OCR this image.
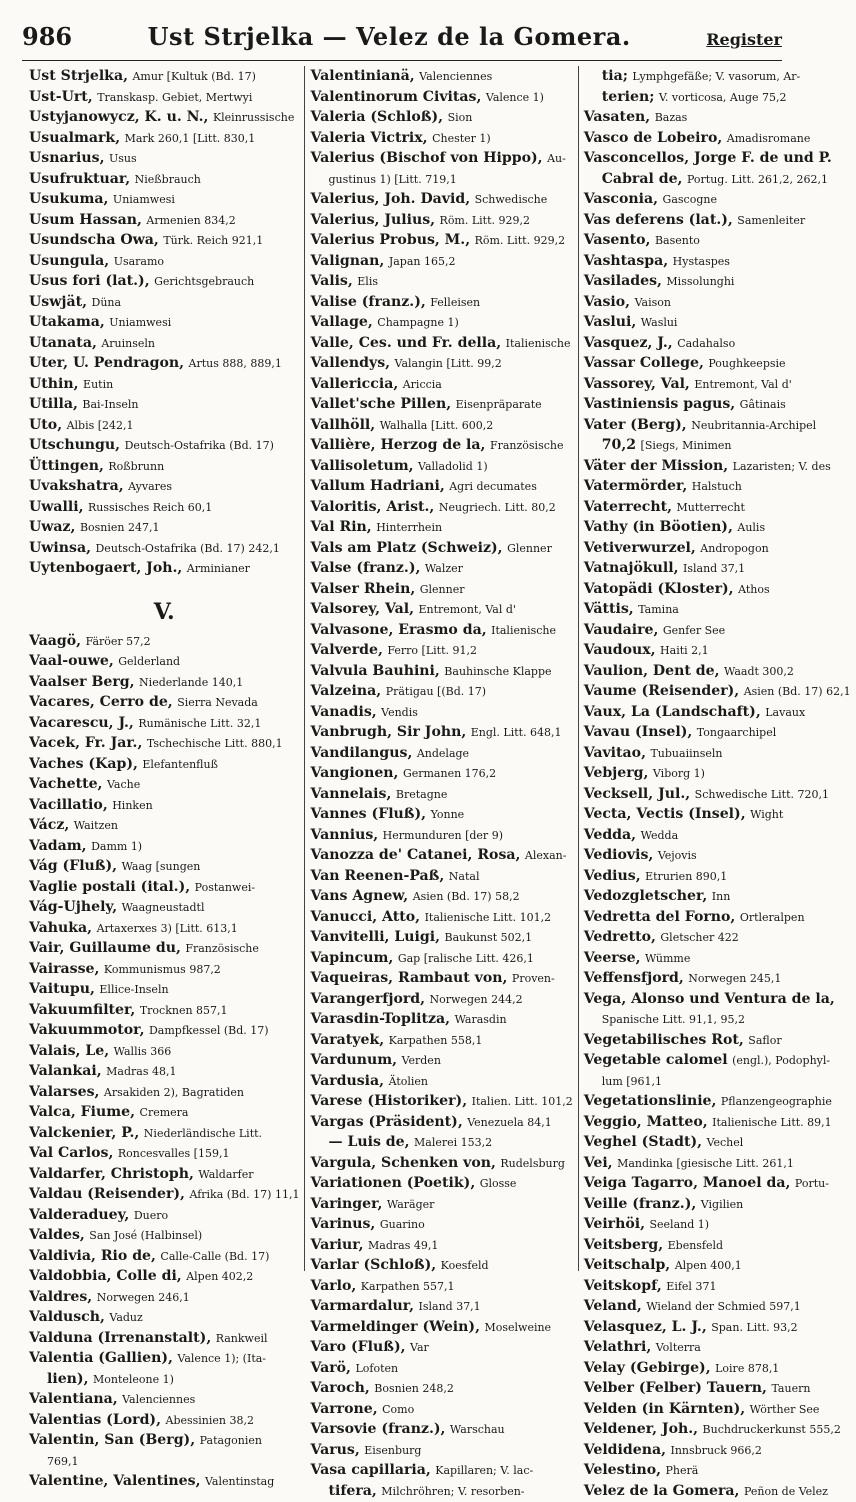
986	Ust Strjelka — Velez de la Gomera.	Register
Ust Strjelka, Amur [Kultuk (Bd. 17)
Ust-Urt, Transkasp. Gebiet, Mertwyi
Ustyjanowycz, K. u. N., Kleinrussische
Usualmark, Mark 260,1 [Litt. 830,1
Usnarius, Usus
Usufruktuar, Nießbrauch
Usukuma, Uniamwesi
Usum Hassan, Armenien 834,2
Usundscha Owa, Türk. Reich 921,1
Usungula, Usaramo
Usus fori (lat.), Gerichtsgebrauch
Uswjät, Düna
Utakama, Uniamwesi
Utanata, Aruinseln
Uter, U. Pendragon, Artus 888, 889,1
Uthin, Eutin
Utilla, Bai-Inseln
Uto, Albis [242,1
Utschungu, Deutsch-Ostafrika (Bd. 17)
Üttingen, Roßbrunn
Uvakshatra, Ayvares
Uwalli, Russisches Reich 60,1
Uwaz, Bosnien 247,1
Uwinsa, Deutsch-Ostafrika (Bd. 17) 242,1
Uytenbogaert, Joh., Arminianer
V.
Vaagö, Färöer 57,2
Vaal-ouwe, Gelderland
Vaalser Berg, Niederlande 140,1
Vacares, Cerro de, Sierra Nevada
Vacarescu, J., Rumänische Litt. 32,1
Vacek, Fr. Jar., Tschechische Litt. 880,1
Vaches (Kap), Elefantenfluß
Vachette, Vache
Vacillatio, Hinken
Vácz, Waitzen
Vadam, Damm 1)
Vág (Fluß), Waag [sungen
Vaglie postali (ital.), Postanwei-
Vág-Ujhely, Waagneustadtl
Vahuka, Artaxerxes 3) [Litt. 613,1
Vair, Guillaume du, Französische
Vairasse, Kommunismus 987,2
Vaitupu, Ellice-Inseln
Vakuumfilter, Trocknen 857,1
Vakuummotor, Dampfkessel (Bd. 17)
Valais, Le, Wallis 366
Valankai, Madras 48,1
Valarses, Arsakiden 2), Bagratiden
Valca, Fiume, Cremera
Valckenier, P., Niederländische Litt.
Val Carlos, Roncesvalles [159,1
Valdarfer, Christoph, Waldarfer
Valdau (Reisender), Afrika (Bd. 17) 11,1
Valderaduey, Duero
Valdes, San José (Halbinsel)
Valdivia, Rio de, Calle-Calle (Bd. 17)
Valdobbia, Colle di, Alpen 402,2
Valdres, Norwegen 246,1
Valdusch, Vaduz
Valduna (Irrenanstalt), Rankweil
Valentia (Gallien), Valence 1); (Ita-
lien), Monteleone 1)
Valentiana, Valenciennes
Valentias (Lord), Abessinien 38,2
Valentin, San (Berg), Patagonien
769,1
Valentine, Valentines, Valentinstag
Valentinianä, Valenciennes
Valentinorum Civitas, Valence 1)
Valeria (Schloß), Sion
Valeria Victrix, Chester 1)
Valerius (Bischof von Hippo), Au-
gustinus 1) [Litt. 719,1
Valerius, Joh. David, Schwedische
Valerius, Julius, Röm. Litt. 929,2
Valerius Probus, M., Röm. Litt. 929,2
Valignan, Japan 165,2
Valis, Elis
Valise (franz.), Felleisen
Vallage, Champagne 1)
Valle, Ces. und Fr. della, Italienische
Vallendys, Valangin [Litt. 99,2
Vallericcia, Ariccia
Vallet'sche Pillen, Eisenpräparate
Vallhöll, Walhalla [Litt. 600,2
Vallière, Herzog de la, Französische
Vallisoletum, Valladolid 1)
Vallum Hadriani, Agri decumates
Valoritis, Arist., Neugriech. Litt. 80,2
Val Rin, Hinterrhein
Vals am Platz (Schweiz), Glenner
Valse (franz.), Walzer
Valser Rhein, Glenner
Valsorey, Val, Entremont, Val d'
Valvasone, Erasmo da, Italienische
Valverde, Ferro [Litt. 91,2
Valvula Bauhini, Bauhinsche Klappe
Valzeina, Prätigau [(Bd. 17)
Vanadis, Vendis
Vanbrugh, Sir John, Engl. Litt. 648,1
Vandilangus, Andelage
Vangionen, Germanen 176,2
Vannelais, Bretagne
Vannes (Fluß), Yonne
Vannius, Hermunduren [der 9)
Vanozza de' Catanei, Rosa, Alexan-
Van Reenen-Paß, Natal
Vans Agnew, Asien (Bd. 17) 58,2
Vanucci, Atto, Italienische Litt. 101,2
Vanvitelli, Luigi, Baukunst 502,1
Vapincum, Gap [ralische Litt. 426,1
Vaqueiras, Rambaut von, Proven-
Varangerfjord, Norwegen 244,2
Varasdin-Toplitza, Warasdin
Varatyek, Karpathen 558,1
Vardunum, Verden
Vardusia, Ätolien
Varese (Historiker), Italien. Litt. 101,2
Vargas (Präsident), Venezuela 84,1
— Luis de, Malerei 153,2
Vargula, Schenken von, Rudelsburg
Variationen (Poetik), Glosse
Varinger, Waräger
Varinus, Guarino
Variur, Madras 49,1
Varlar (Schloß), Koesfeld
Varlo, Karpathen 557,1
Varmardalur, Island 37,1
Varmeldinger (Wein), Moselweine
Varo (Fluß), Var
Varö, Lofoten
Varoch, Bosnien 248,2
Varrone, Como
Varsovie (franz.), Warschau
Varus, Eisenburg
Vasa capillaria, Kapillaren; V. lac-
tifera, Milchröhren; V. resorben-
tia; Lymphgefäße; V. vasorum, Ar-
terien; V. vorticosa, Auge 75,2
Vasaten, Bazas
Vasco de Lobeiro, Amadisromane
Vasconcellos, Jorge F. de und P.
Cabral de, Portug. Litt. 261,2, 262,1
Vasconia, Gascogne
Vas deferens (lat.), Samenleiter
Vasento, Basento
Vashtaspa, Hystaspes
Vasilades, Missolunghi
Vasio, Vaison
Vaslui, Waslui
Vasquez, J., Cadahalso
Vassar College, Poughkeepsie
Vassorey, Val, Entremont, Val d'
Vastiniensis pagus, Gâtinais
Vater (Berg), Neubritannia-Archipel
70,2 [Siegs, Minimen
Väter der Mission, Lazaristen; V. des
Vatermörder, Halstuch
Vaterrecht, Mutterrecht
Vathy (in Böotien), Aulis
Vetiverwurzel, Andropogon
Vatnajökull, Island 37,1
Vatopädi (Kloster), Athos
Vättis, Tamina
Vaudaire, Genfer See
Vaudoux, Haiti 2,1
Vaulion, Dent de, Waadt 300,2
Vaume (Reisender), Asien (Bd. 17) 62,1
Vaux, La (Landschaft), Lavaux
Vavau (Insel), Tongaarchipel
Vavitao, Tubuaiinseln
Vebjerg, Viborg 1)
Vecksell, Jul., Schwedische Litt. 720,1
Vecta, Vectis (Insel), Wight
Vedda, Wedda
Vediovis, Vejovis
Vedius, Etrurien 890,1
Vedozgletscher, Inn
Vedretta del Forno, Ortleralpen
Vedretto, Gletscher 422
Veerse, Wümme
Veffensfjord, Norwegen 245,1
Vega, Alonso und Ventura de la,
Spanische Litt. 91,1, 95,2
Vegetabilisches Rot, Saflor
Vegetable calomel (engl.), Podophyl-
lum [961,1
Vegetationslinie, Pflanzengeographie
Veggio, Matteo, Italienische Litt. 89,1
Veghel (Stadt), Vechel
Vei, Mandinka [giesische Litt. 261,1
Veiga Tagarro, Manoel da, Portu-
Veille (franz.), Vigilien
Veirhöi, Seeland 1)
Veitsberg, Ebensfeld
Veitschalp, Alpen 400,1
Veitskopf, Eifel 371
Veland, Wieland der Schmied 597,1
Velasquez, L. J., Span. Litt. 93,2
Velathri, Volterra
Velay (Gebirge), Loire 878,1
Velber (Felber) Tauern, Tauern
Velden (in Kärnten), Wörther See
Veldener, Joh., Buchdruckerkunst 555,2
Veldidena, Innsbruck 966,2
Velestino, Pherä
Velez de la Gomera, Peñon de Velez
